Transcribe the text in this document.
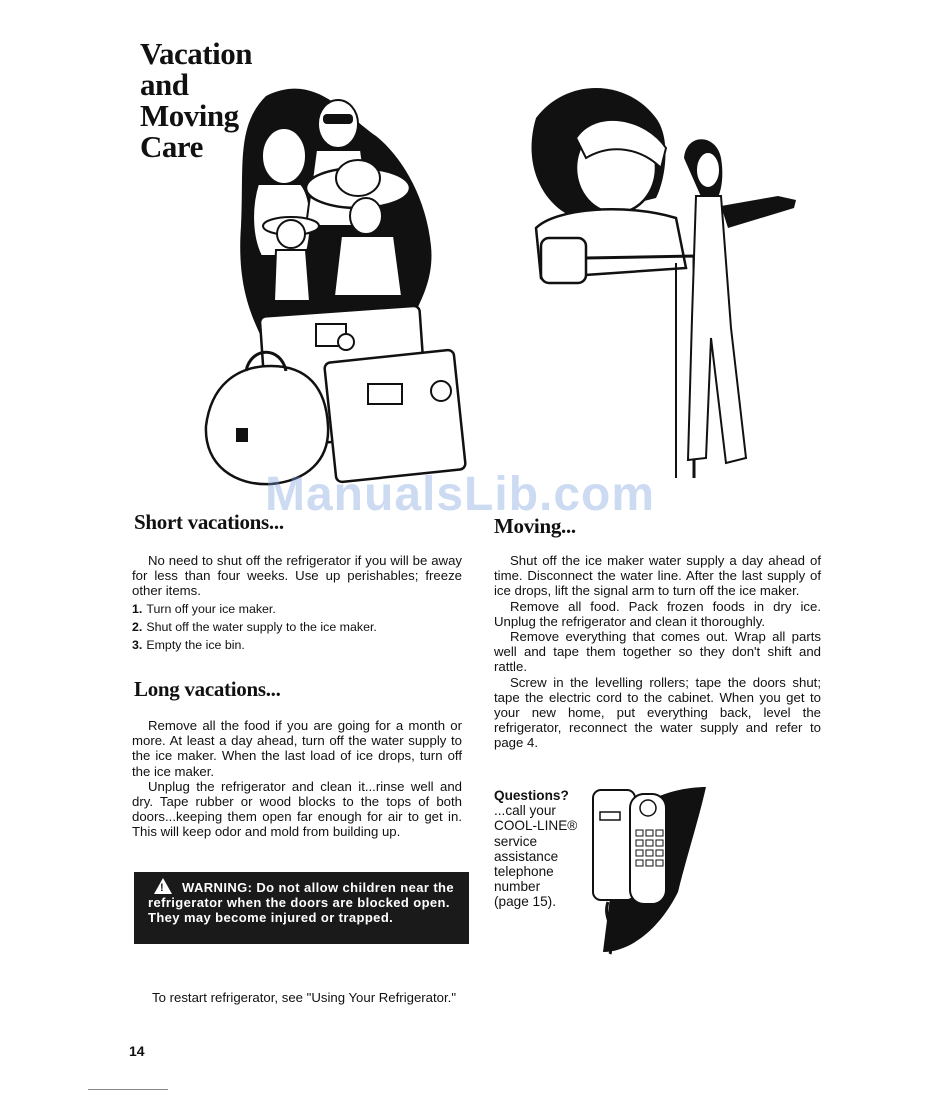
Vacation
and
Moving
Care
ManualsLib.com
Short vacations...

No need to shut off the refrigerator if you will be away for less than four weeks. Use up perishables; freeze other items.

1. Turn off your ice maker.
2. Shut off the water supply to the ice maker.
3. Empty the ice bin.
Long vacations...

Remove all the food if you are going for a month or more. At least a day ahead, turn off the water supply to the ice maker. When the last load of ice drops, turn off the ice maker.

Unplug the refrigerator and clean it...rinse well and dry. Tape rubber or wood blocks to the tops of both doors...keeping them open far enough for air to get in. This will keep odor and mold from building up.

! WARNING: Do not allow children near the refrigerator when the doors are blocked open. They may become injured or trapped.

To restart refrigerator, see "Using Your Refrigerator."

Moving...

Shut off the ice maker water supply a day ahead of time. Disconnect the water line. After the last supply of ice drops, lift the signal arm to turn off the ice maker.

Remove all food. Pack frozen foods in dry ice. Unplug the refrigerator and clean it thoroughly.

Remove everything that comes out. Wrap all parts well and tape them together so they don't shift and rattle.

Screw in the levelling rollers; tape the doors shut; tape the electric cord to the cabinet. When you get to your new home, put everything back, level the refrigerator, reconnect the water supply and refer to page 4.

Questions?
...call your
COOL-LINE®
service
assistance
telephone
number
(page 15).
14
